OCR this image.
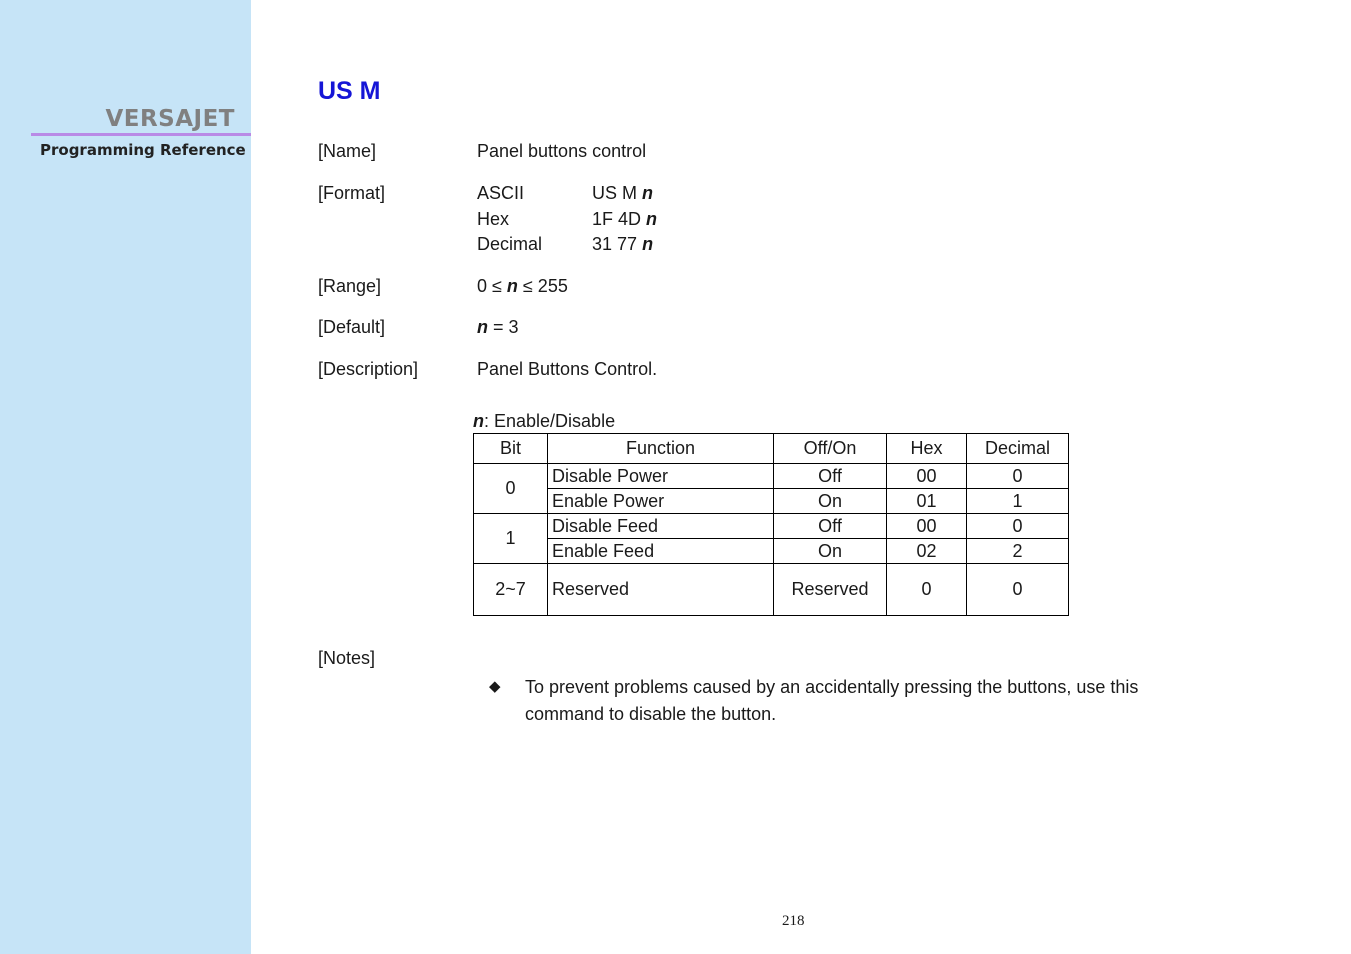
VERSAJET
Programming Reference
US M
[Name]	Panel buttons control
[Format]	ASCII	US M n
Hex	1F 4D n
Decimal	31 77 n
[Range]	0 ≤ n ≤ 255
[Default]	n = 3
[Description]	Panel Buttons Control.
n: Enable/Disable
Bit	Function	Off/On	Hex	Decimal
0	Disable Power	Off	00	0
	Enable Power	On	01	1
1	Disable Feed	Off	00	0
	Enable Feed	On	02	2
2~7	Reserved	Reserved	0	0
[Notes]
◆ To prevent problems caused by an accidentally pressing the buttons, use this command to disable the button.
218
